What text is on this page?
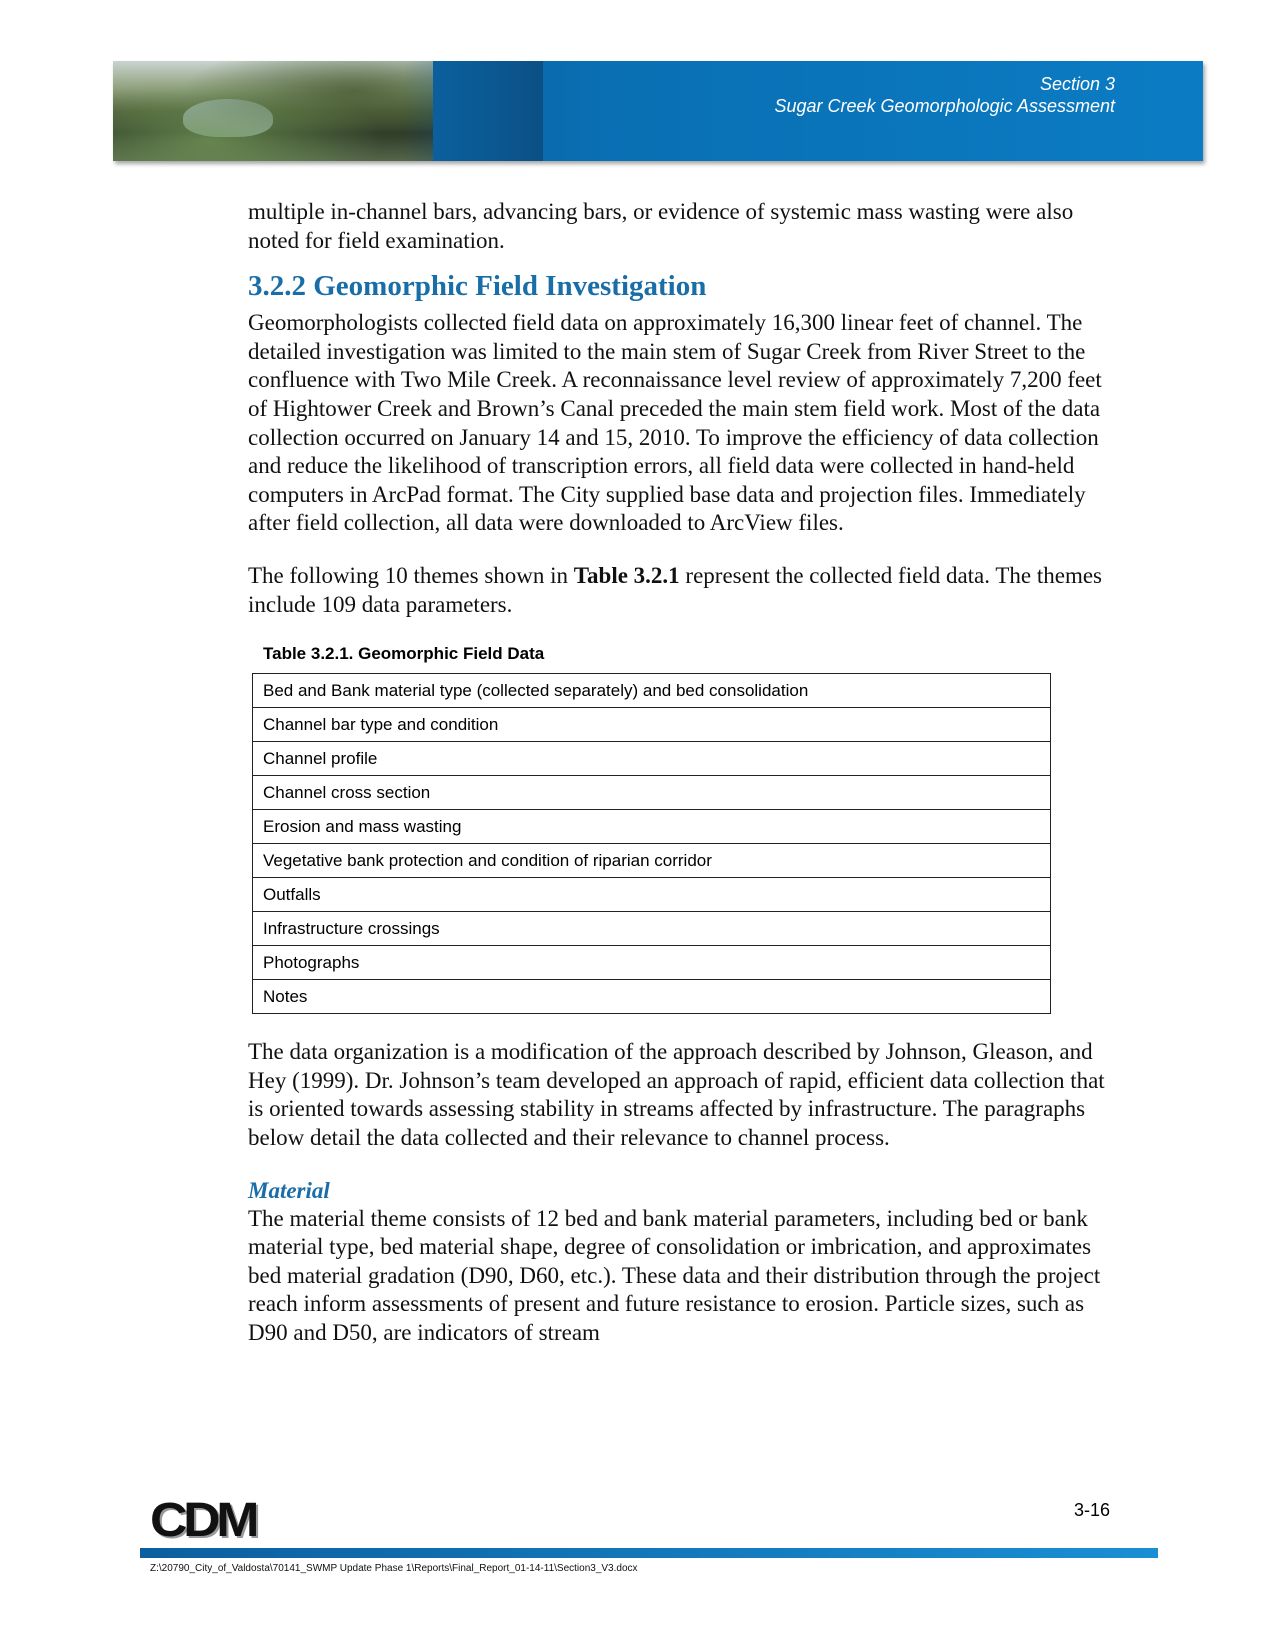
Section 3
Sugar Creek Geomorphologic Assessment

multiple in-channel bars, advancing bars, or evidence of systemic mass wasting were also noted for field examination.

3.2.2 Geomorphic Field Investigation

Geomorphologists collected field data on approximately 16,300 linear feet of channel. The detailed investigation was limited to the main stem of Sugar Creek from River Street to the confluence with Two Mile Creek. A reconnaissance level review of approximately 7,200 feet of Hightower Creek and Brown’s Canal preceded the main stem field work. Most of the data collection occurred on January 14 and 15, 2010. To improve the efficiency of data collection and reduce the likelihood of transcription errors, all field data were collected in hand-held computers in ArcPad format. The City supplied base data and projection files. Immediately after field collection, all data were downloaded to ArcView files.

The following 10 themes shown in Table 3.2.1 represent the collected field data. The themes include 109 data parameters.

Table 3.2.1. Geomorphic Field Data
Bed and Bank material type (collected separately) and bed consolidation
Channel bar type and condition
Channel profile
Channel cross section
Erosion and mass wasting
Vegetative bank protection and condition of riparian corridor
Outfalls
Infrastructure crossings
Photographs
Notes

The data organization is a modification of the approach described by Johnson, Gleason, and Hey (1999). Dr. Johnson’s team developed an approach of rapid, efficient data collection that is oriented towards assessing stability in streams affected by infrastructure. The paragraphs below detail the data collected and their relevance to channel process.

Material

The material theme consists of 12 bed and bank material parameters, including bed or bank material type, bed material shape, degree of consolidation or imbrication, and approximates bed material gradation (D90, D60, etc.). These data and their distribution through the project reach inform assessments of present and future resistance to erosion. Particle sizes, such as D90 and D50, are indicators of stream

CDM	3-16
Z:\20790_City_of_Valdosta\70141_SWMP Update Phase 1\Reports\Final_Report_01-14-11\Section3_V3.docx
